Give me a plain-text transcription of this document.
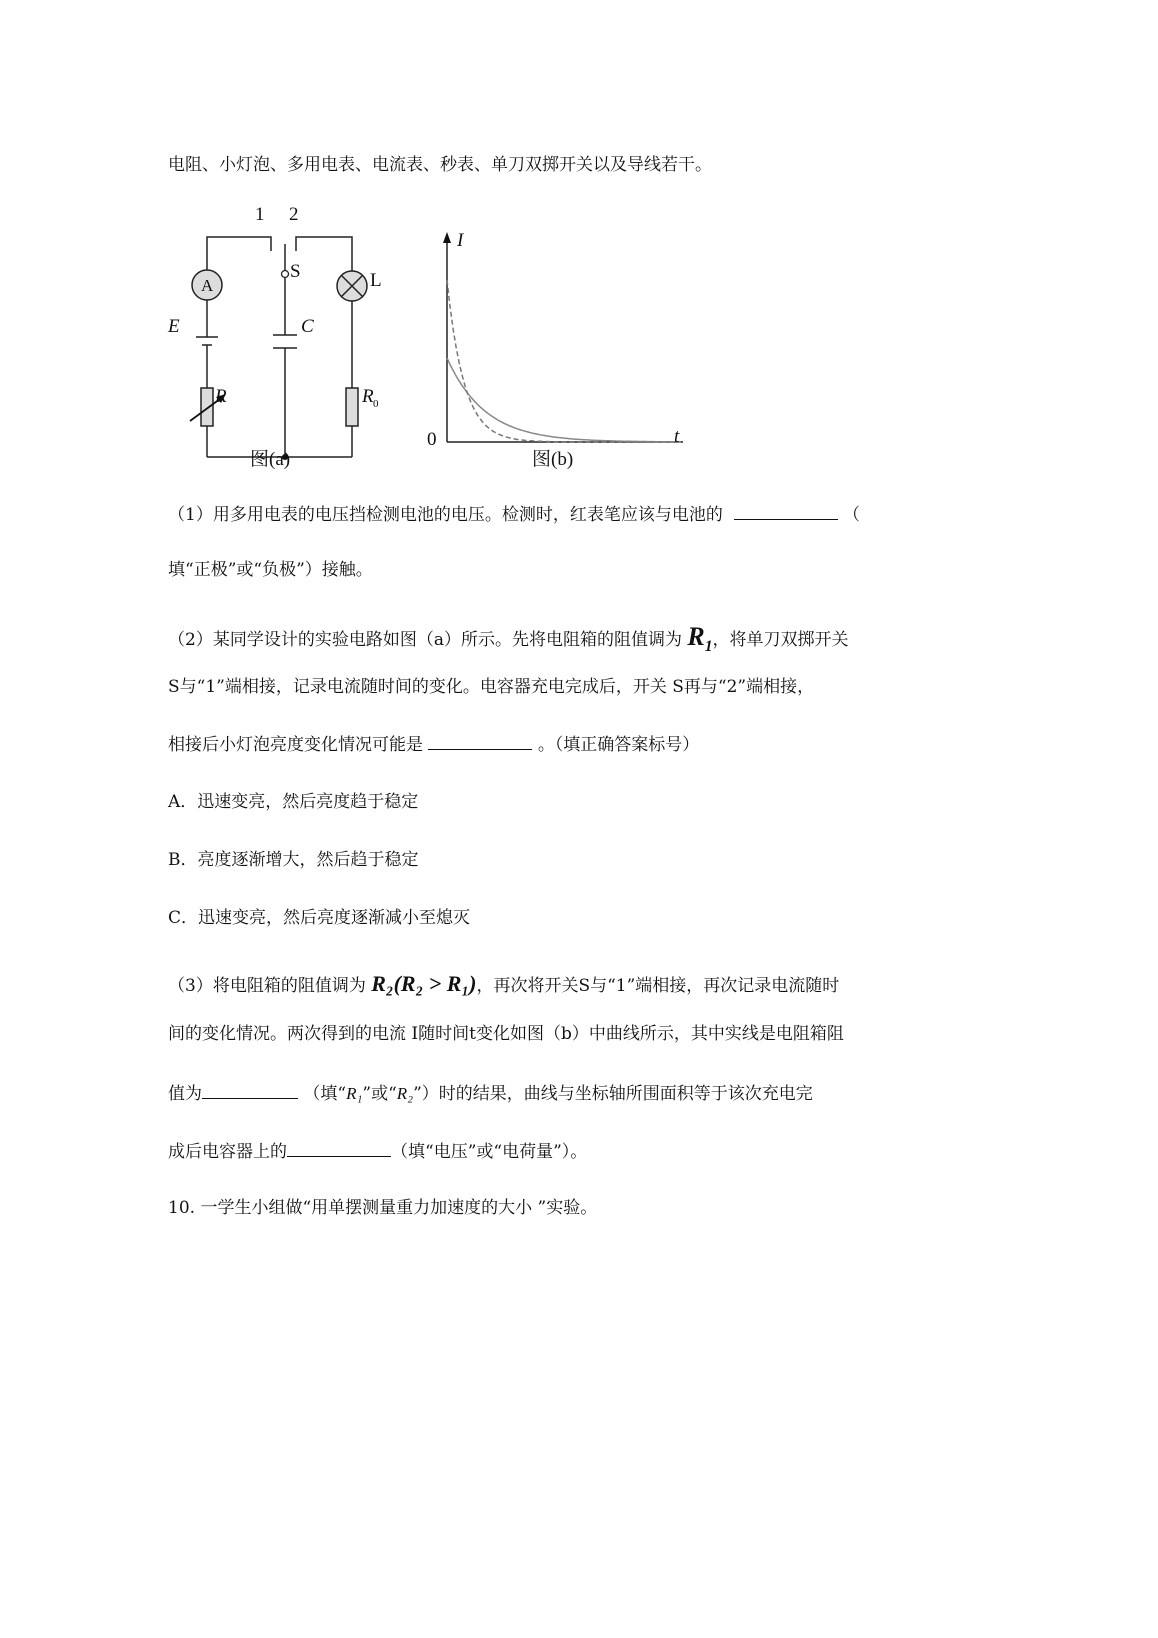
电阻、小灯泡、多用电表、电流表、秒表、单刀双掷开关以及导线若干。
1 2
A
S	L
E	C
R	R 0
图(a)
I
t
0
图(b)
（1）用多用电表的电压挡检测电池的电压。检测时，红表笔应该与电池的	（
填“正极”或“负极”）接触。
（2）某同学设计的实验电路如图（a）所示。先将电阻箱的阻值调为 $R_1$，将单刀双掷开关
S与“1”端相接，记录电流随时间的变化。电容器充电完成后，开关 S再与“2”端相接，
相接后小灯泡亮度变化情况可能是	。（填正确答案标号）
A．迅速变亮，然后亮度趋于稳定
B．亮度逐渐增大，然后趋于稳定
C．迅速变亮，然后亮度逐渐减小至熄灭
（3）将电阻箱的阻值调为 R₂(R₂ > R₁)，再次将开关S与“1”端相接，再次记录电流随时
间的变化情况。两次得到的电流 I随时间t变化如图（b）中曲线所示，其中实线是电阻箱阻
值为	（填“R₁”或“R₂”）时的结果，曲线与坐标轴所围面积等于该次充电完
成后电容器上的	（填“电压”或“电荷量”）。
10. 一学生小组做“用单摆测量重力加速度的大小 ”实验。
